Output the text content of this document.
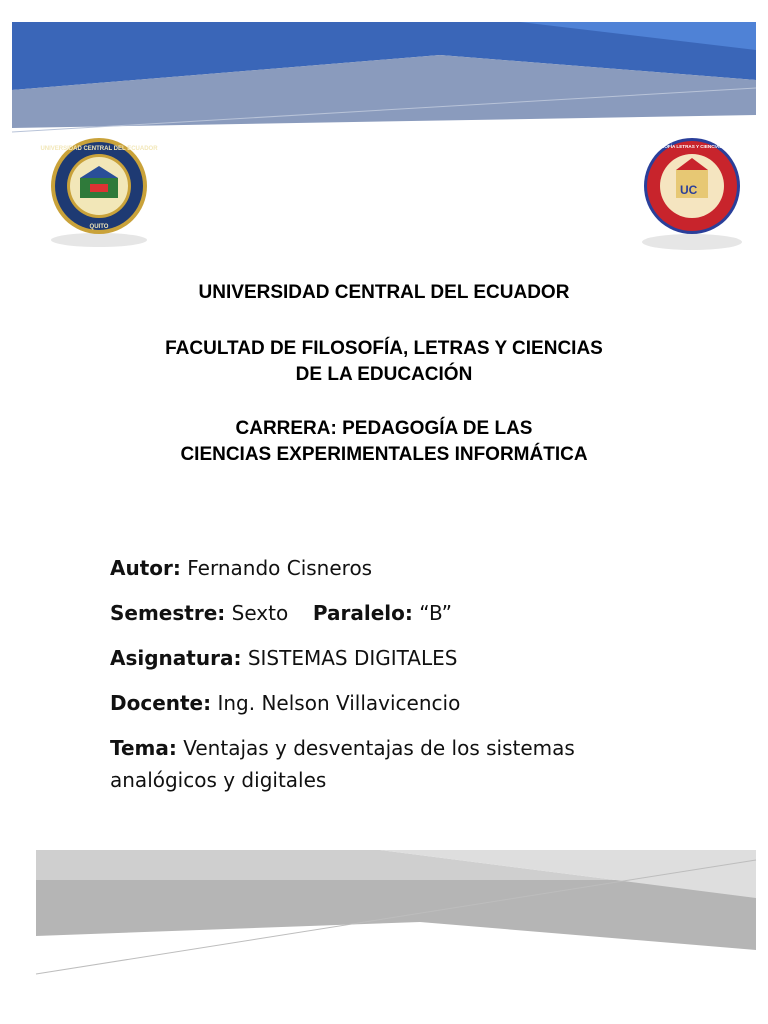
UNIVERSIDAD CENTRAL DEL ECUADOR
QUITO
UC
FACULTAD DE FILOSOFÍA LETRAS Y CIENCIAS DE LA EDUCACIÓN

UNIVERSIDAD CENTRAL DEL ECUADOR

FACULTAD DE FILOSOFÍA, LETRAS Y CIENCIAS
DE LA EDUCACIÓN

CARRERA: PEDAGOGÍA DE LAS
CIENCIAS EXPERIMENTALES INFORMÁTICA

Autor: Fernando Cisneros
Semestre: Sexto Paralelo: “B”
Asignatura: SISTEMAS DIGITALES
Docente: Ing. Nelson Villavicencio
Tema: Ventajas y desventajas de los sistemas
analógicos y digitales
